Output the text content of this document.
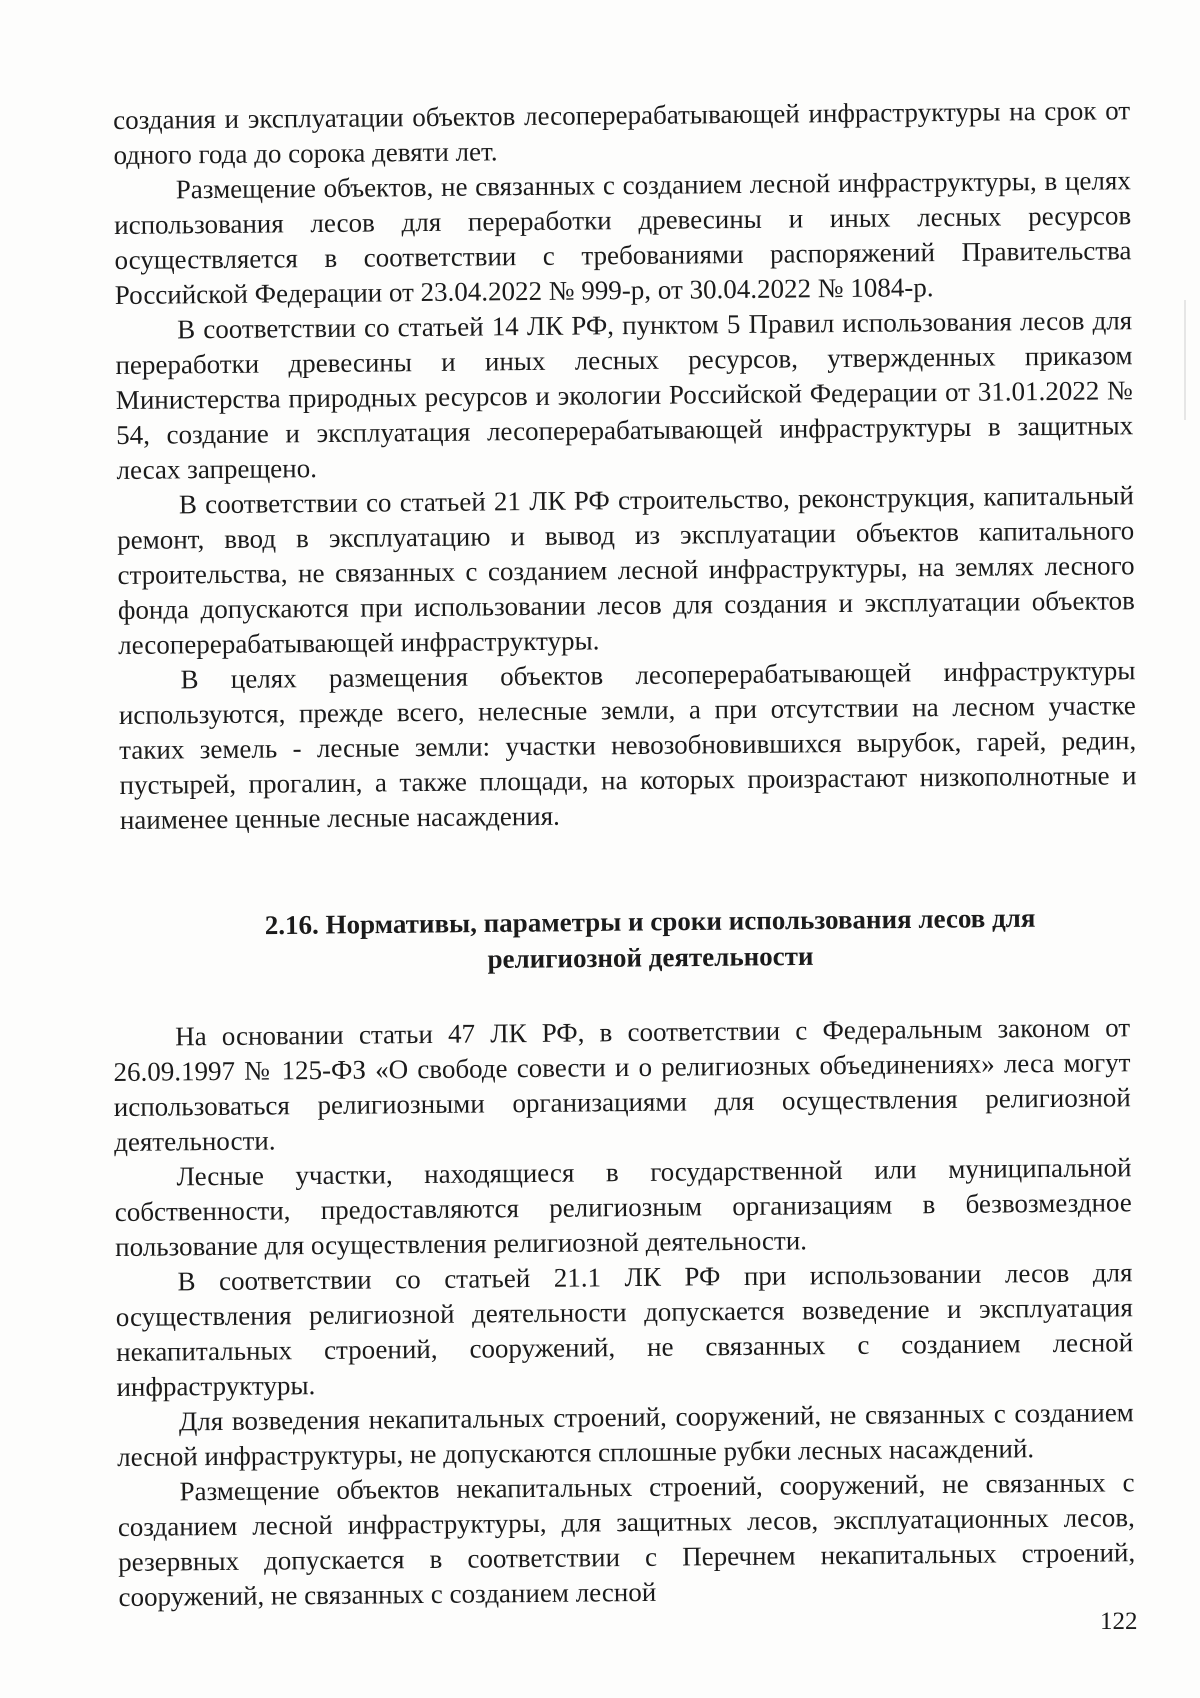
создания и эксплуатации объектов лесоперерабатывающей инфраструктуры на срок от одного года до сорока девяти лет.

Размещение объектов, не связанных с созданием лесной инфраструктуры, в целях использования лесов для переработки древесины и иных лесных ресурсов осуществляется в соответствии с требованиями распоряжений Правительства Российской Федерации от 23.04.2022 № 999-р, от 30.04.2022 № 1084-р.

В соответствии со статьей 14 ЛК РФ, пунктом 5 Правил использования лесов для переработки древесины и иных лесных ресурсов, утвержденных приказом Министерства природных ресурсов и экологии Российской Федерации от 31.01.2022 № 54, создание и эксплуатация лесоперерабатывающей инфраструктуры в защитных лесах запрещено.

В соответствии со статьей 21 ЛК РФ строительство, реконструкция, капитальный ремонт, ввод в эксплуатацию и вывод из эксплуатации объектов капитального строительства, не связанных с созданием лесной инфраструктуры, на землях лесного фонда допускаются при использовании лесов для создания и эксплуатации объектов лесоперерабатывающей инфраструктуры.

В целях размещения объектов лесоперерабатывающей инфраструктуры используются, прежде всего, нелесные земли, а при отсутствии на лесном участке таких земель - лесные земли: участки невозобновившихся вырубок, гарей, редин, пустырей, прогалин, а также площади, на которых произрастают низкополнотные и наименее ценные лесные насаждения.

2.16. Нормативы, параметры и сроки использования лесов для
религиозной деятельности

На основании статьи 47 ЛК РФ, в соответствии с Федеральным законом от 26.09.1997 № 125-ФЗ «О свободе совести и о религиозных объединениях» леса могут использоваться религиозными организациями для осуществления религиозной деятельности.

Лесные участки, находящиеся в государственной или муниципальной собственности, предоставляются религиозным организациям в безвозмездное пользование для осуществления религиозной деятельности.

В соответствии со статьей 21.1 ЛК РФ при использовании лесов для осуществления религиозной деятельности допускается возведение и эксплуатация некапитальных строений, сооружений, не связанных с созданием лесной инфраструктуры.

Для возведения некапитальных строений, сооружений, не связанных с созданием лесной инфраструктуры, не допускаются сплошные рубки лесных насаждений.

Размещение объектов некапитальных строений, сооружений, не связанных с созданием лесной инфраструктуры, для защитных лесов, эксплуатационных лесов, резервных допускается в соответствии с Перечнем некапитальных строений, сооружений, не связанных с созданием лесной

122
